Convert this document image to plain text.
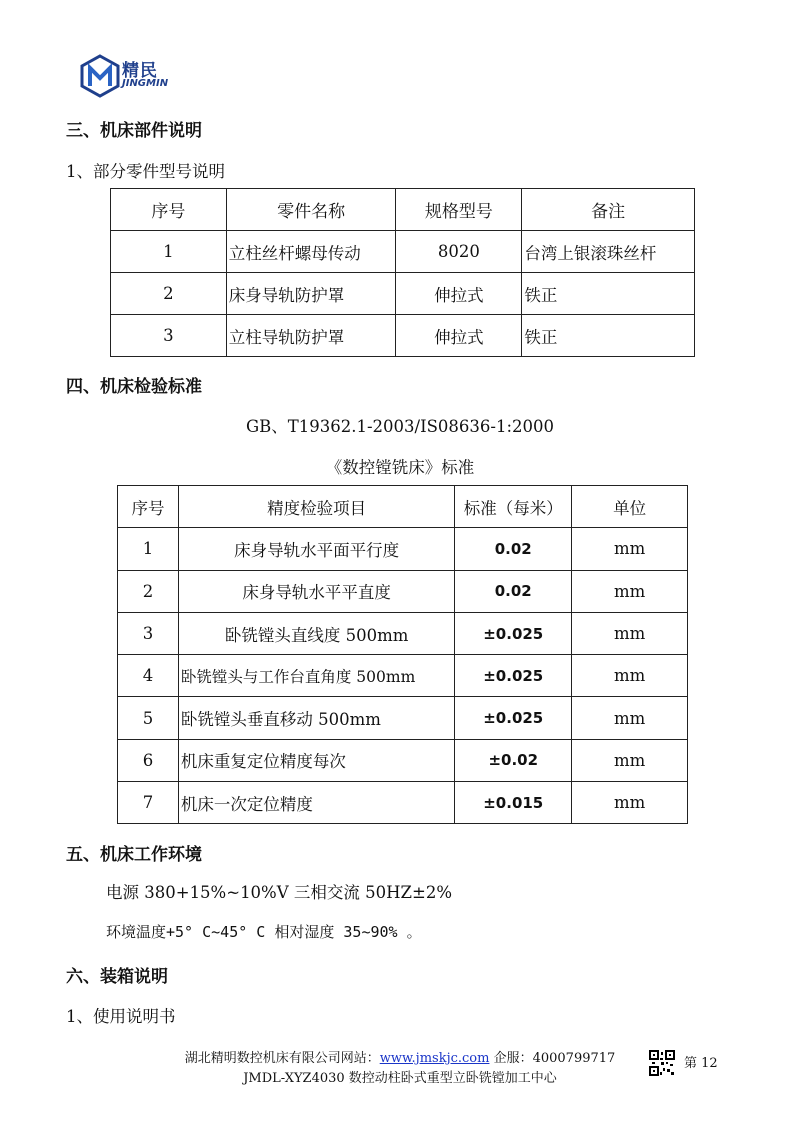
精民
JINGMIN
三、机床部件说明
1、部分零件型号说明
序号	零件名称	规格型号	备注
1	立柱丝杆螺母传动	8020	台湾上银滚珠丝杆
2	床身导轨防护罩	伸拉式	铁正
3	立柱导轨防护罩	伸拉式	铁正
四、机床检验标准
GB、T19362.1-2003/IS08636-1:2000
《数控镗铣床》标准
序号	精度检验项目	标准（每米）	单位
1	床身导轨水平面平行度	0.02	mm
2	床身导轨水平平直度	0.02	mm
3	卧铣镗头直线度 500mm	±0.025	mm
4	卧铣镗头与工作台直角度 500mm	±0.025	mm
5	卧铣镗头垂直移动 500mm	±0.025	mm
6	机床重复定位精度每次	±0.02	mm
7	机床一次定位精度	±0.015	mm
五、机床工作环境
电源 380+15%~10%V 三相交流 50HZ±2%
环境温度+5° C~45° C 相对湿度 35~90% 。
六、装箱说明
1、使用说明书
湖北精明数控机床有限公司网站：www.jmskjc.com 企服：4000799717
JMDL-XYZ4030 数控动柱卧式重型立卧铣镗加工中心
第 12
